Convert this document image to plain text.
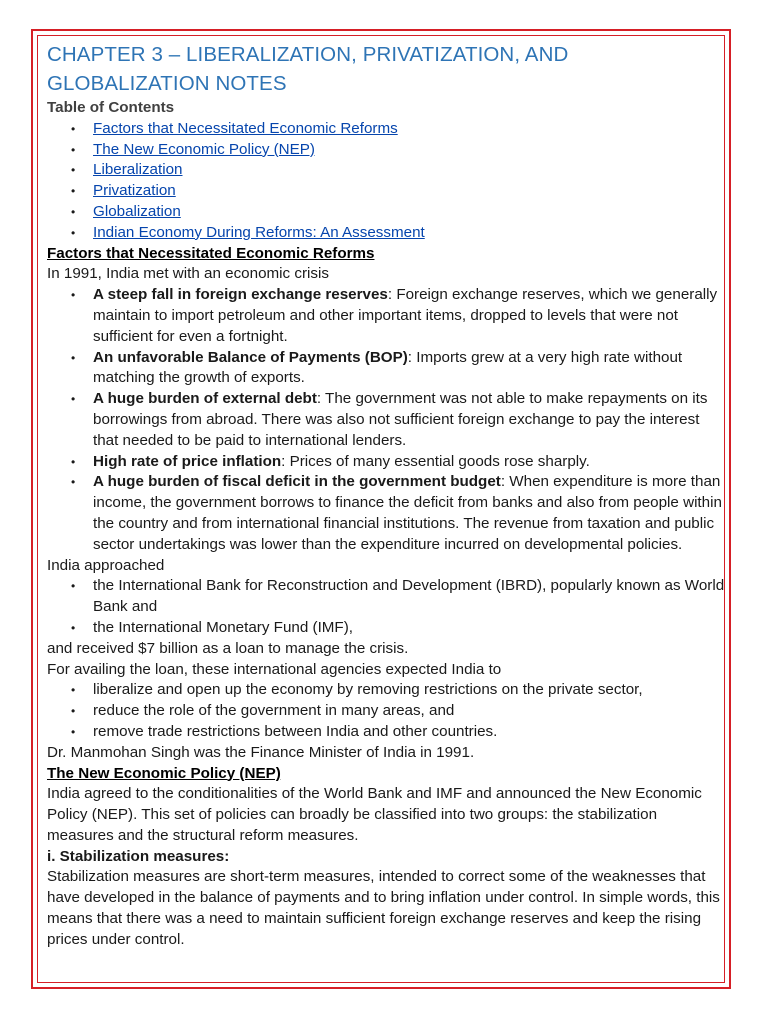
CHAPTER 3 – LIBERALIZATION, PRIVATIZATION, AND GLOBALIZATION NOTES

Table of Contents

• Factors that Necessitated Economic Reforms
• The New Economic Policy (NEP)
• Liberalization
• Privatization
• Globalization
• Indian Economy During Reforms: An Assessment

Factors that Necessitated Economic Reforms

In 1991, India met with an economic crisis

• A steep fall in foreign exchange reserves: Foreign exchange reserves, which we generally maintain to import petroleum and other important items, dropped to levels that were not sufficient for even a fortnight.
• An unfavorable Balance of Payments (BOP): Imports grew at a very high rate without matching the growth of exports.
• A huge burden of external debt: The government was not able to make repayments on its borrowings from abroad. There was also not sufficient foreign exchange to pay the interest that needed to be paid to international lenders.
• High rate of price inflation: Prices of many essential goods rose sharply.
• A huge burden of fiscal deficit in the government budget: When expenditure is more than income, the government borrows to finance the deficit from banks and also from people within the country and from international financial institutions. The revenue from taxation and public sector undertakings was lower than the expenditure incurred on developmental policies.

India approached

• the International Bank for Reconstruction and Development (IBRD), popularly known as World Bank and
• the International Monetary Fund (IMF),

and received $7 billion as a loan to manage the crisis.

For availing the loan, these international agencies expected India to

• liberalize and open up the economy by removing restrictions on the private sector,
• reduce the role of the government in many areas, and
• remove trade restrictions between India and other countries.

Dr. Manmohan Singh was the Finance Minister of India in 1991.

The New Economic Policy (NEP)

India agreed to the conditionalities of the World Bank and IMF and announced the New Economic Policy (NEP). This set of policies can broadly be classified into two groups: the stabilization measures and the structural reform measures.

i. Stabilization measures:

Stabilization measures are short-term measures, intended to correct some of the weaknesses that have developed in the balance of payments and to bring inflation under control. In simple words, this means that there was a need to maintain sufficient foreign exchange reserves and keep the rising prices under control.
